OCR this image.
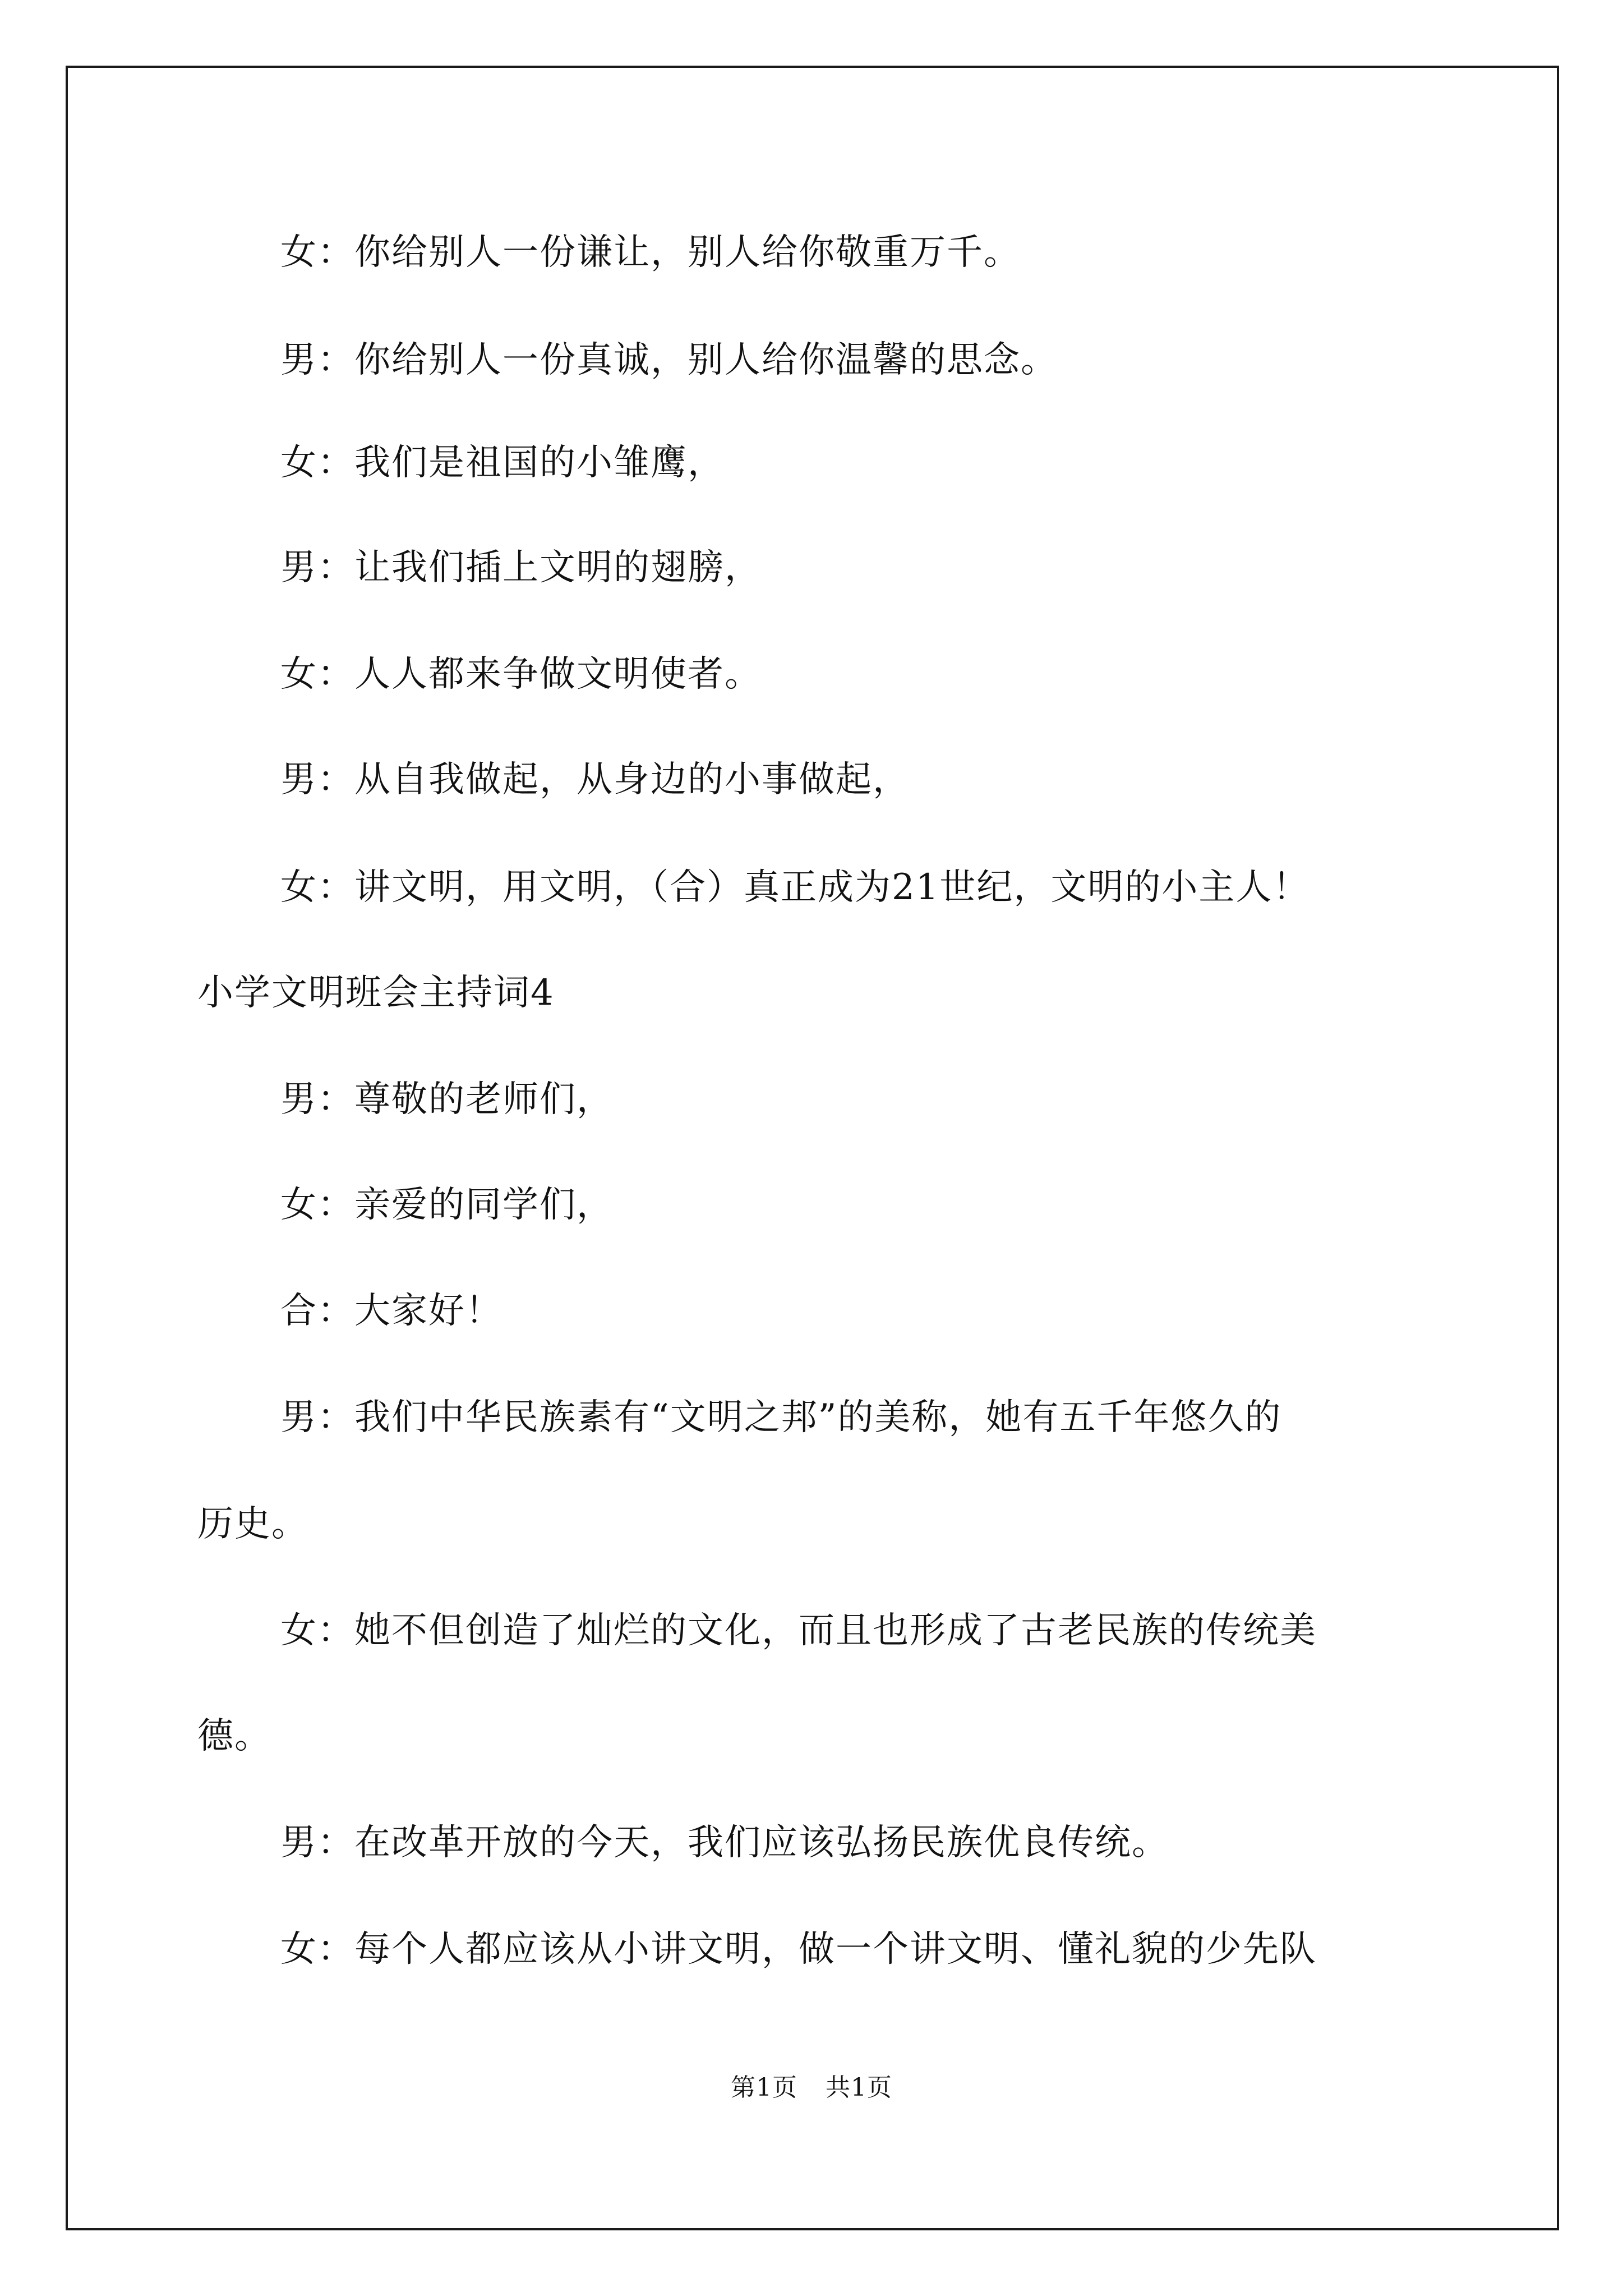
女：你给别人一份谦让，别人给你敬重万千。
男：你给别人一份真诚，别人给你温馨的思念。
女：我们是祖国的小雏鹰，
男：让我们插上文明的翅膀，
女：人人都来争做文明使者。
男：从自我做起，从身边的小事做起，
女：讲文明，用文明，（合）真正成为21世纪，文明的小主人！
小学文明班会主持词4
男：尊敬的老师们，
女：亲爱的同学们，
合：大家好！
男：我们中华民族素有“文明之邦”的美称，她有五千年悠久的
历史。
女：她不但创造了灿烂的文化，而且也形成了古老民族的传统美
德。
男：在改革开放的今天，我们应该弘扬民族优良传统。
女：每个人都应该从小讲文明，做一个讲文明、懂礼貌的少先队
第1页 共1页
